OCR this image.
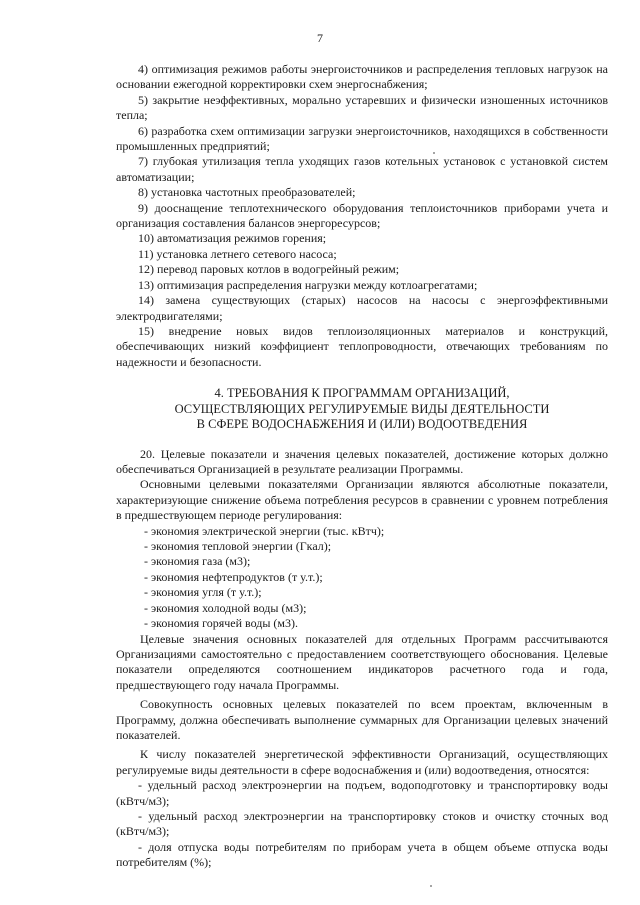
7

4) оптимизация режимов работы энергоисточников и распределения тепловых нагрузок на основании ежегодной корректировки схем энергоснабжения;

5) закрытие неэффективных, морально устаревших и физически изношенных источников тепла;

6) разработка схем оптимизации загрузки энергоисточников, находящихся в собственности промышленных предприятий;

7) глубокая утилизация тепла уходящих газов котельных установок с установкой систем автоматизации;

8) установка частотных преобразователей;

9) дооснащение теплотехнического оборудования теплоисточников приборами учета и организация составления балансов энергоресурсов;

10) автоматизация режимов горения;

11) установка летнего сетевого насоса;

12) перевод паровых котлов в водогрейный режим;

13) оптимизация распределения нагрузки между котлоагрегатами;

14) замена существующих (старых) насосов на насосы с энергоэффективными электродвигателями;

15) внедрение новых видов теплоизоляционных материалов и конструкций, обеспечивающих низкий коэффициент теплопроводности, отвечающих требованиям по надежности и безопасности.

4. ТРЕБОВАНИЯ К ПРОГРАММАМ ОРГАНИЗАЦИЙ,
ОСУЩЕСТВЛЯЮЩИХ РЕГУЛИРУЕМЫЕ ВИДЫ ДЕЯТЕЛЬНОСТИ
В СФЕРЕ ВОДОСНАБЖЕНИЯ И (ИЛИ) ВОДООТВЕДЕНИЯ

20. Целевые показатели и значения целевых показателей, достижение которых должно обеспечиваться Организацией в результате реализации Программы.

Основными целевыми показателями Организации являются абсолютные показатели, характеризующие снижение объема потребления ресурсов в сравнении с уровнем потребления в предшествующем периоде регулирования:

- экономия электрической энергии (тыс. кВтч);

- экономия тепловой энергии (Гкал);

- экономия газа (м3);

- экономия нефтепродуктов (т у.т.);

- экономия угля (т у.т.);

- экономия холодной воды (м3);

- экономия горячей воды (м3).

Целевые значения основных показателей для отдельных Программ рассчитываются Организациями самостоятельно с предоставлением соответствующего обоснования. Целевые показатели определяются соотношением индикаторов расчетного года и года, предшествующего году начала Программы.

Совокупность основных целевых показателей по всем проектам, включенным в Программу, должна обеспечивать выполнение суммарных для Организации целевых значений показателей.

К числу показателей энергетической эффективности Организаций, осуществляющих регулируемые виды деятельности в сфере водоснабжения и (или) водоотведения, относятся:

- удельный расход электроэнергии на подъем, водоподготовку и транспортировку воды (кВтч/м3);

- удельный расход электроэнергии на транспортировку стоков и очистку сточных вод (кВтч/м3);

- доля отпуска воды потребителям по приборам учета в общем объеме отпуска воды потребителям (%);
